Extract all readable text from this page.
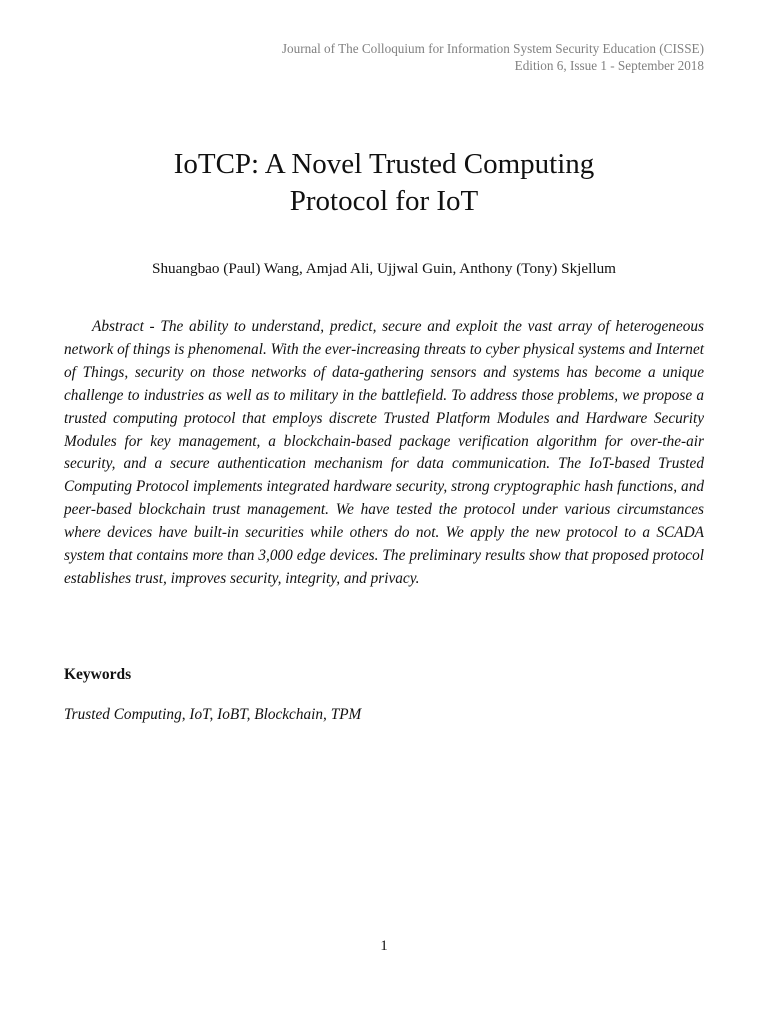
Journal of The Colloquium for Information System Security Education (CISSE)
Edition 6, Issue 1 - September 2018
IoTCP: A Novel Trusted Computing
Protocol for IoT
Shuangbao (Paul) Wang, Amjad Ali, Ujjwal Guin, Anthony (Tony) Skjellum

Abstract - The ability to understand, predict, secure and exploit the vast array of heterogeneous network of things is phenomenal. With the ever-increasing threats to cyber physical systems and Internet of Things, security on those networks of data-gathering sensors and systems has become a unique challenge to industries as well as to military in the battlefield. To address those problems, we propose a trusted computing protocol that employs discrete Trusted Platform Modules and Hardware Security Modules for key management, a blockchain-based package verification algorithm for over-the-air security, and a secure authentication mechanism for data communication. The IoT-based Trusted Computing Protocol implements integrated hardware security, strong cryptographic hash functions, and peer-based blockchain trust management. We have tested the protocol under various circumstances where devices have built-in securities while others do not. We apply the new protocol to a SCADA system that contains more than 3,000 edge devices. The preliminary results show that proposed protocol establishes trust, improves security, integrity, and privacy.

Keywords
Trusted Computing, IoT, IoBT, Blockchain, TPM
1
